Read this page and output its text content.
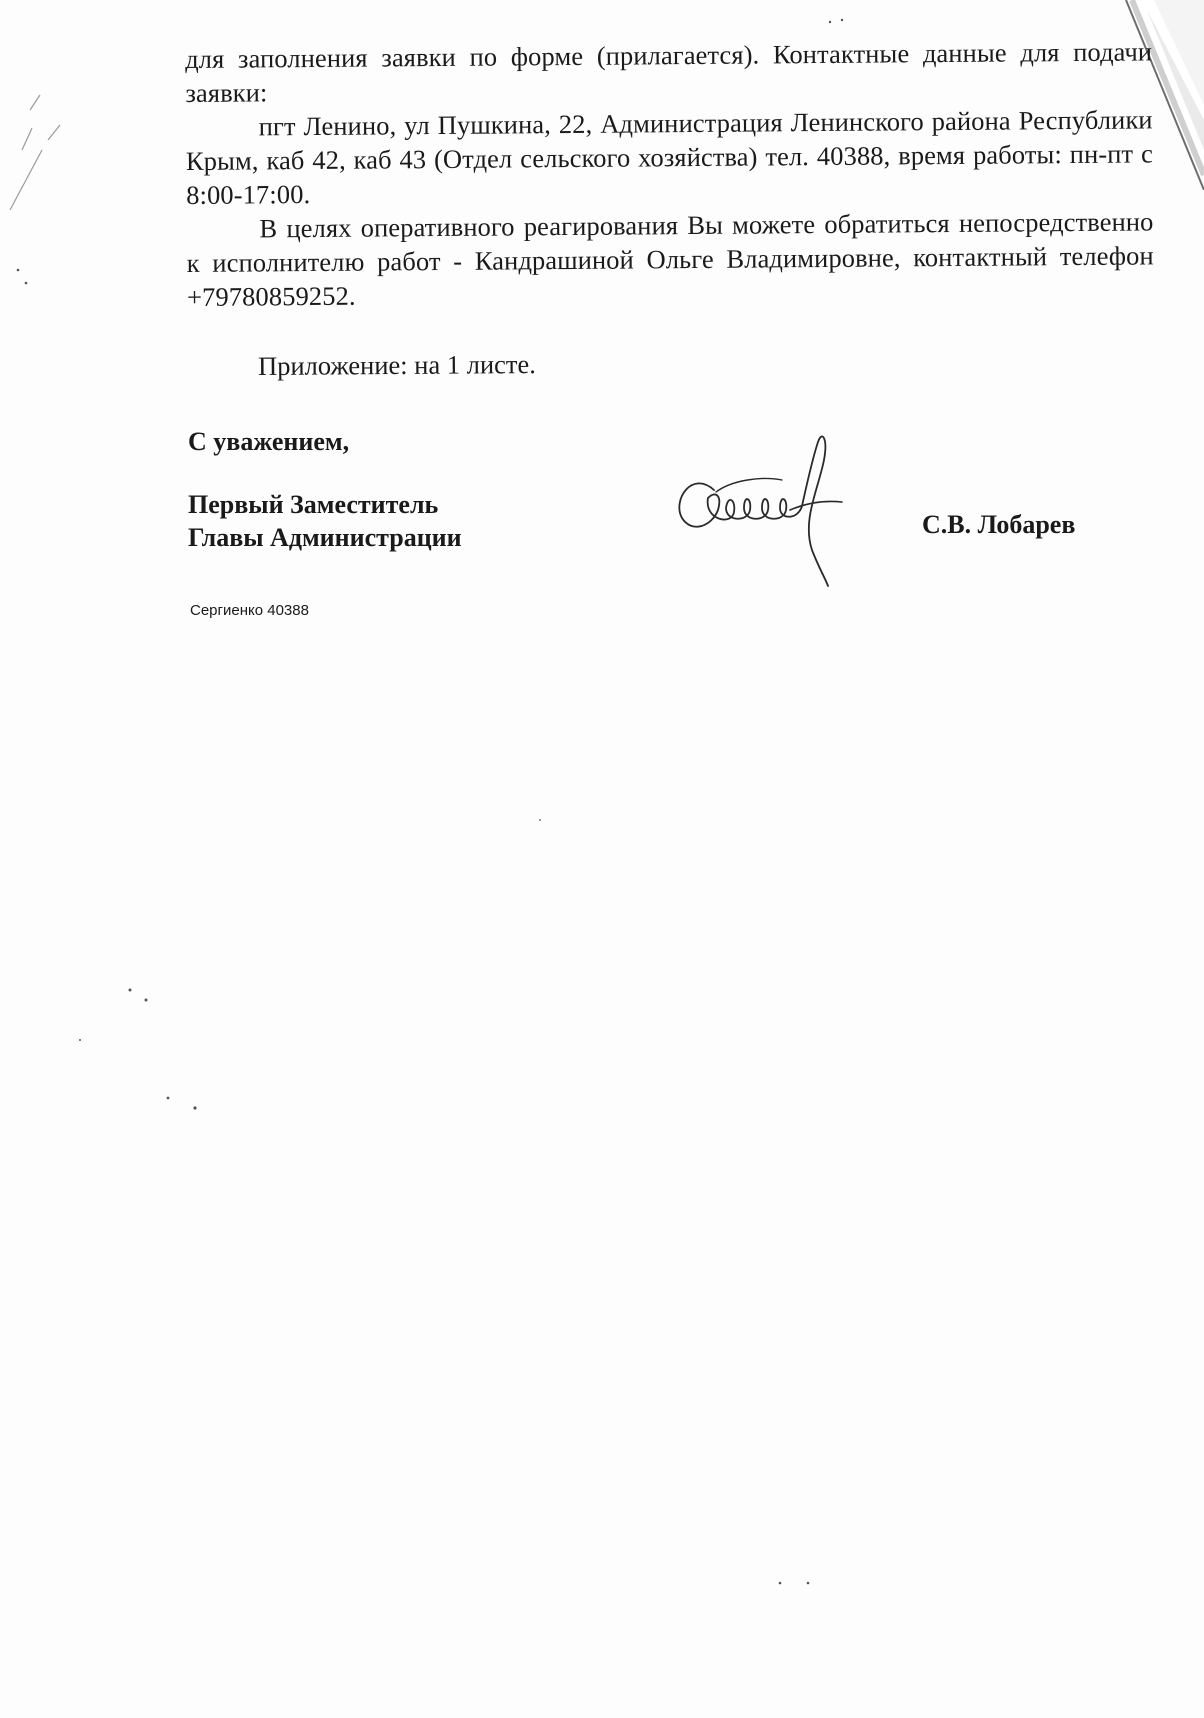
для заполнения заявки по форме (прилагается). Контактные данные для подачи заявки:

пгт Ленино, ул Пушкина, 22, Администрация Ленинского района Республики Крым, каб 42, каб 43 (Отдел сельского хозяйства) тел. 40388, время работы: пн-пт с 8:00-17:00.

В целях оперативного реагирования Вы можете обратиться непосредственно к исполнителю работ - Кандрашиной Ольге Владимировне, контактный телефон +79780859252.

Приложение: на 1 листе.
С уважением,
Первый Заместитель
Главы Администрации	С.В. Лобарев
Сергиенко 40388
